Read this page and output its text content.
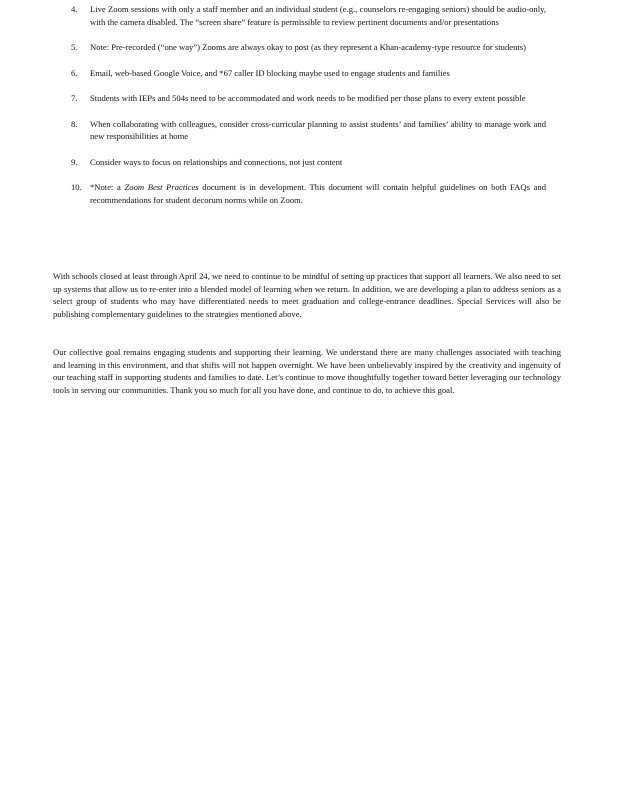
4. Live Zoom sessions with only a staff member and an individual student (e.g., counselors re-engaging seniors) should be audio-only, with the camera disabled. The “screen share” feature is permissible to review pertinent documents and/or presentations
5. Note: Pre-recorded (“one way”) Zooms are always okay to post (as they represent a Khan-academy-type resource for students)
6. Email, web-based Google Voice, and *67 caller ID blocking maybe used to engage students and families
7. Students with IEPs and 504s need to be accommodated and work needs to be modified per those plans to every extent possible
8. When collaborating with colleagues, consider cross-curricular planning to assist students’ and families’ ability to manage work and new responsibilities at home
9. Consider ways to focus on relationships and connections, not just content
10. *Note: a Zoom Best Practices document is in development. This document will contain helpful guidelines on both FAQs and recommendations for student decorum norms while on Zoom.

With schools closed at least through April 24, we need to continue to be mindful of setting up practices that support all learners. We also need to set up systems that allow us to re-enter into a blended model of learning when we return. In addition, we are developing a plan to address seniors as a select group of students who may have differentiated needs to meet graduation and college-entrance deadlines. Special Services will also be publishing complementary guidelines to the strategies mentioned above.

Our collective goal remains engaging students and supporting their learning. We understand there are many challenges associated with teaching and learning in this environment, and that shifts will not happen overnight. We have been unbelievably inspired by the creativity and ingenuity of our teaching staff in supporting students and families to date. Let’s continue to move thoughtfully together toward better leveraging our technology tools in serving our communities. Thank you so much for all you have done, and continue to do, to achieve this goal.
